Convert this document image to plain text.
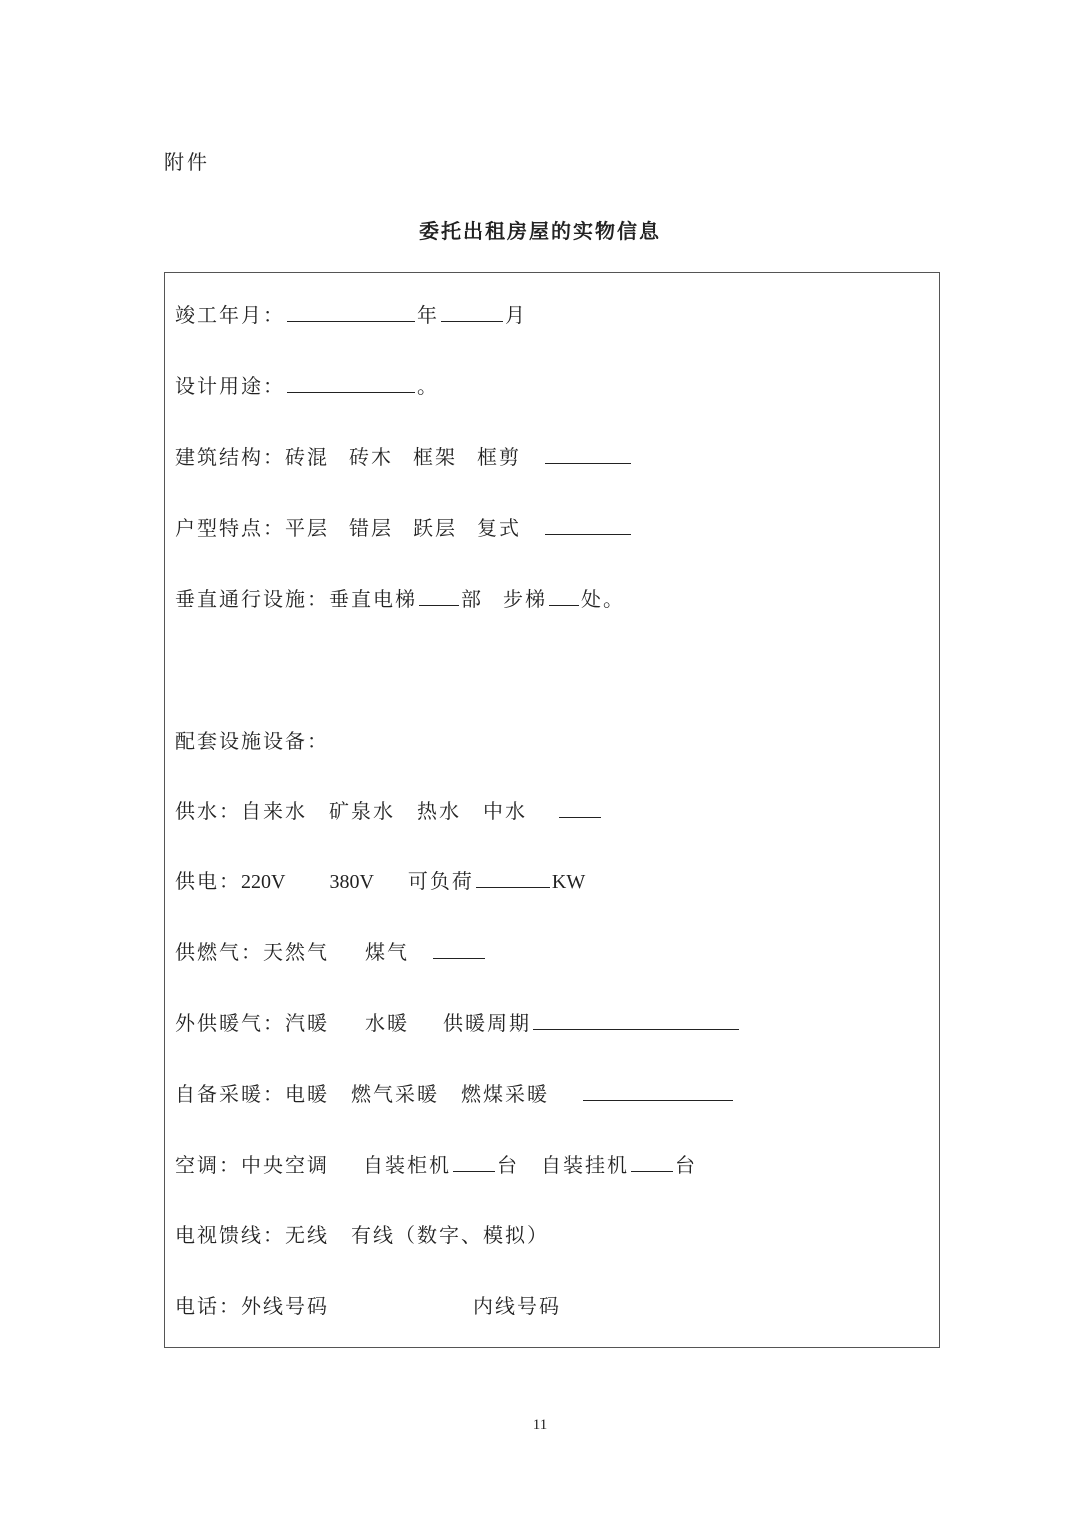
附件
委托出租房屋的实物信息
竣工年月：	年	月
设计用途：	。
建筑结构：砖混 砖木 框架 框剪
户型特点：平层 错层 跃层 复式
垂直通行设施：垂直电梯 部 步梯 处。
配套设施设备：
供水：自来水 矿泉水 热水 中水
供电：220V 380V 可负荷	KW
供燃气：天然气 煤气
外供暖气：汽暖 水暖 供暖周期
自备采暖：电暖 燃气采暖 燃煤采暖
空调：中央空调 自装柜机 台 自装挂机 台
电视馈线：无线 有线（数字、模拟）
电话：外线号码	内线号码
11
